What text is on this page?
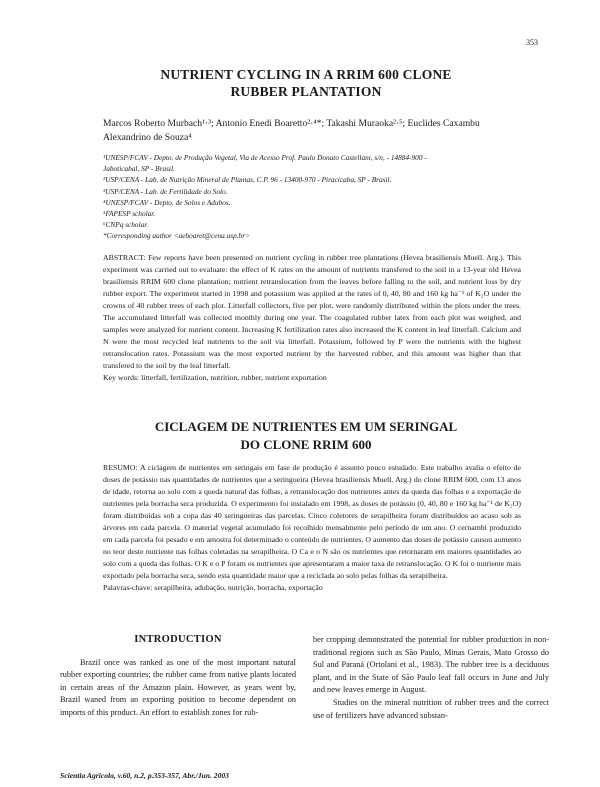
353
NUTRIENT CYCLING IN A RRIM 600 CLONE
RUBBER PLANTATION
Marcos Roberto Murbach¹·³; Antonio Enedi Boaretto²·⁴*; Takashi Muraoka²·⁵; Euclides Caxambu
Alexandrino de Souza⁴

¹UNESP/FCAV - Depto. de Produção Vegetal, Via de Acesso Prof. Paulo Donato Castellani, s/n, - 14884-900 -

Jaboticabal, SP - Brasil.

²USP/CENA - Lab. de Nutrição Mineral de Plantas, C.P. 96 - 13400-970 - Piracicaba, SP - Brasil.

³USP/CENA - Lab. de Fertilidade do Solo.

⁴UNESP/FCAV - Depto. de Solos e Adubos.

⁵FAPESP scholar.

⁶CNPq scholar.

*Corresponding author <aeboaret@cena.usp.br>

ABSTRACT: Few reports have been presented on nutrient cycling in rubber tree plantations (Hevea brasiliensis Muell. Arg.). This experiment was carried out to evaluate: the effect of K rates on the amount of nutrients transfered to the soil in a 13-year old Hevea brasiliensis RRIM 600 clone plantation; nutrient retranslocation from the leaves before falling to the soil, and nutrient loss by dry rubber export. The experiment started in 1998 and potassium was applied at the rates of 0, 40, 80 and 160 kg ha⁻¹ of K₂O under the crowns of 40 rubber trees of each plot. Litterfall collectors, five per plot, were randomly distributed within the plots under the trees. The accumulated litterfall was collected monthly during one year. The coagulated rubber latex from each plot was weighed, and samples were analyzed for nutrient content. Increasing K fertilization rates also increased the K content in leaf litterfall. Calcium and N were the most recycled leaf nutrients to the soil via litterfall. Potassium, followed by P were the nutrients with the highest retranslocation rates. Potassium was the most exported nutrient by the harvested rubber, and this amount was higher than that transfered to the soil by the leaf litterfall.
Key words: litterfall, fertilization, nutrition, rubber, nutrient exportation
CICLAGEM DE NUTRIENTES EM UM SERINGAL
DO CLONE RRIM 600
RESUMO: A ciclagem de nutrientes em seringais em fase de produção é assunto pouco estudado. Este trabalho avalia o efeito de doses de potássio nas quantidades de nutrientes que a seringueira (Hevea brasiliensis Muell. Arg.) do clone RRIM 600, com 13 anos de idade, retorna ao solo com a queda natural das folhas, a retranslocação dos nutrientes antes da queda das folhas e a exportação de nutrientes pela borracha seca produzida. O experimento foi instalado em 1998, as doses de potássio (0, 40, 80 e 160 kg ha⁻¹ de K₂O) foram distribuídas sob a copa das 40 seringueiras das parcelas. Cinco coletores de serapilheira foram distribuídos ao acaso sob as árvores em cada parcela. O material vegetal acumulado foi recolhido mensalmente pelo período de um ano. O cernambi produzido em cada parcela foi pesado e em amostra foi determinado o conteúdo de nutrientes. O aumento das doses de potássio causou aumento no teor deste nutriente nas folhas coletadas na serapilheira. O Ca e o N são os nutrientes que retornaram em maiores quantidades ao solo com a queda das folhas. O K e o P foram os nutrientes que apresentaram a maior taxa de retranslocação. O K foi o nutriente mais exportado pela borracha seca, sendo esta quantidade maior que a reciclada ao solo pelas folhas da serapilheira.
Palavras-chave: serapilheira, adubação, nutrição, borracha, exportação
INTRODUCTION

Brazil once was ranked as one of the most important natural rubber exporting countries; the rubber came from native plants located in certain areas of the Amazon plain. However, as years went by, Brazil waned from an exporting position to become dependent on imports of this product. An effort to establish zones for rub-

ber cropping demonstrated the potential for rubber production in non-traditional regions such as São Paulo, Minas Gerais, Mato Grosso do Sul and Paraná (Ortolani et al., 1983). The rubber tree is a deciduous plant, and in the State of São Paulo leaf fall occurs in June and July and new leaves emerge in August.

Studies on the mineral nutrition of rubber trees and the correct use of fertilizers have advanced substan-

Scientia Agricola, v.60, n.2, p.353-357, Abr./Jun. 2003
